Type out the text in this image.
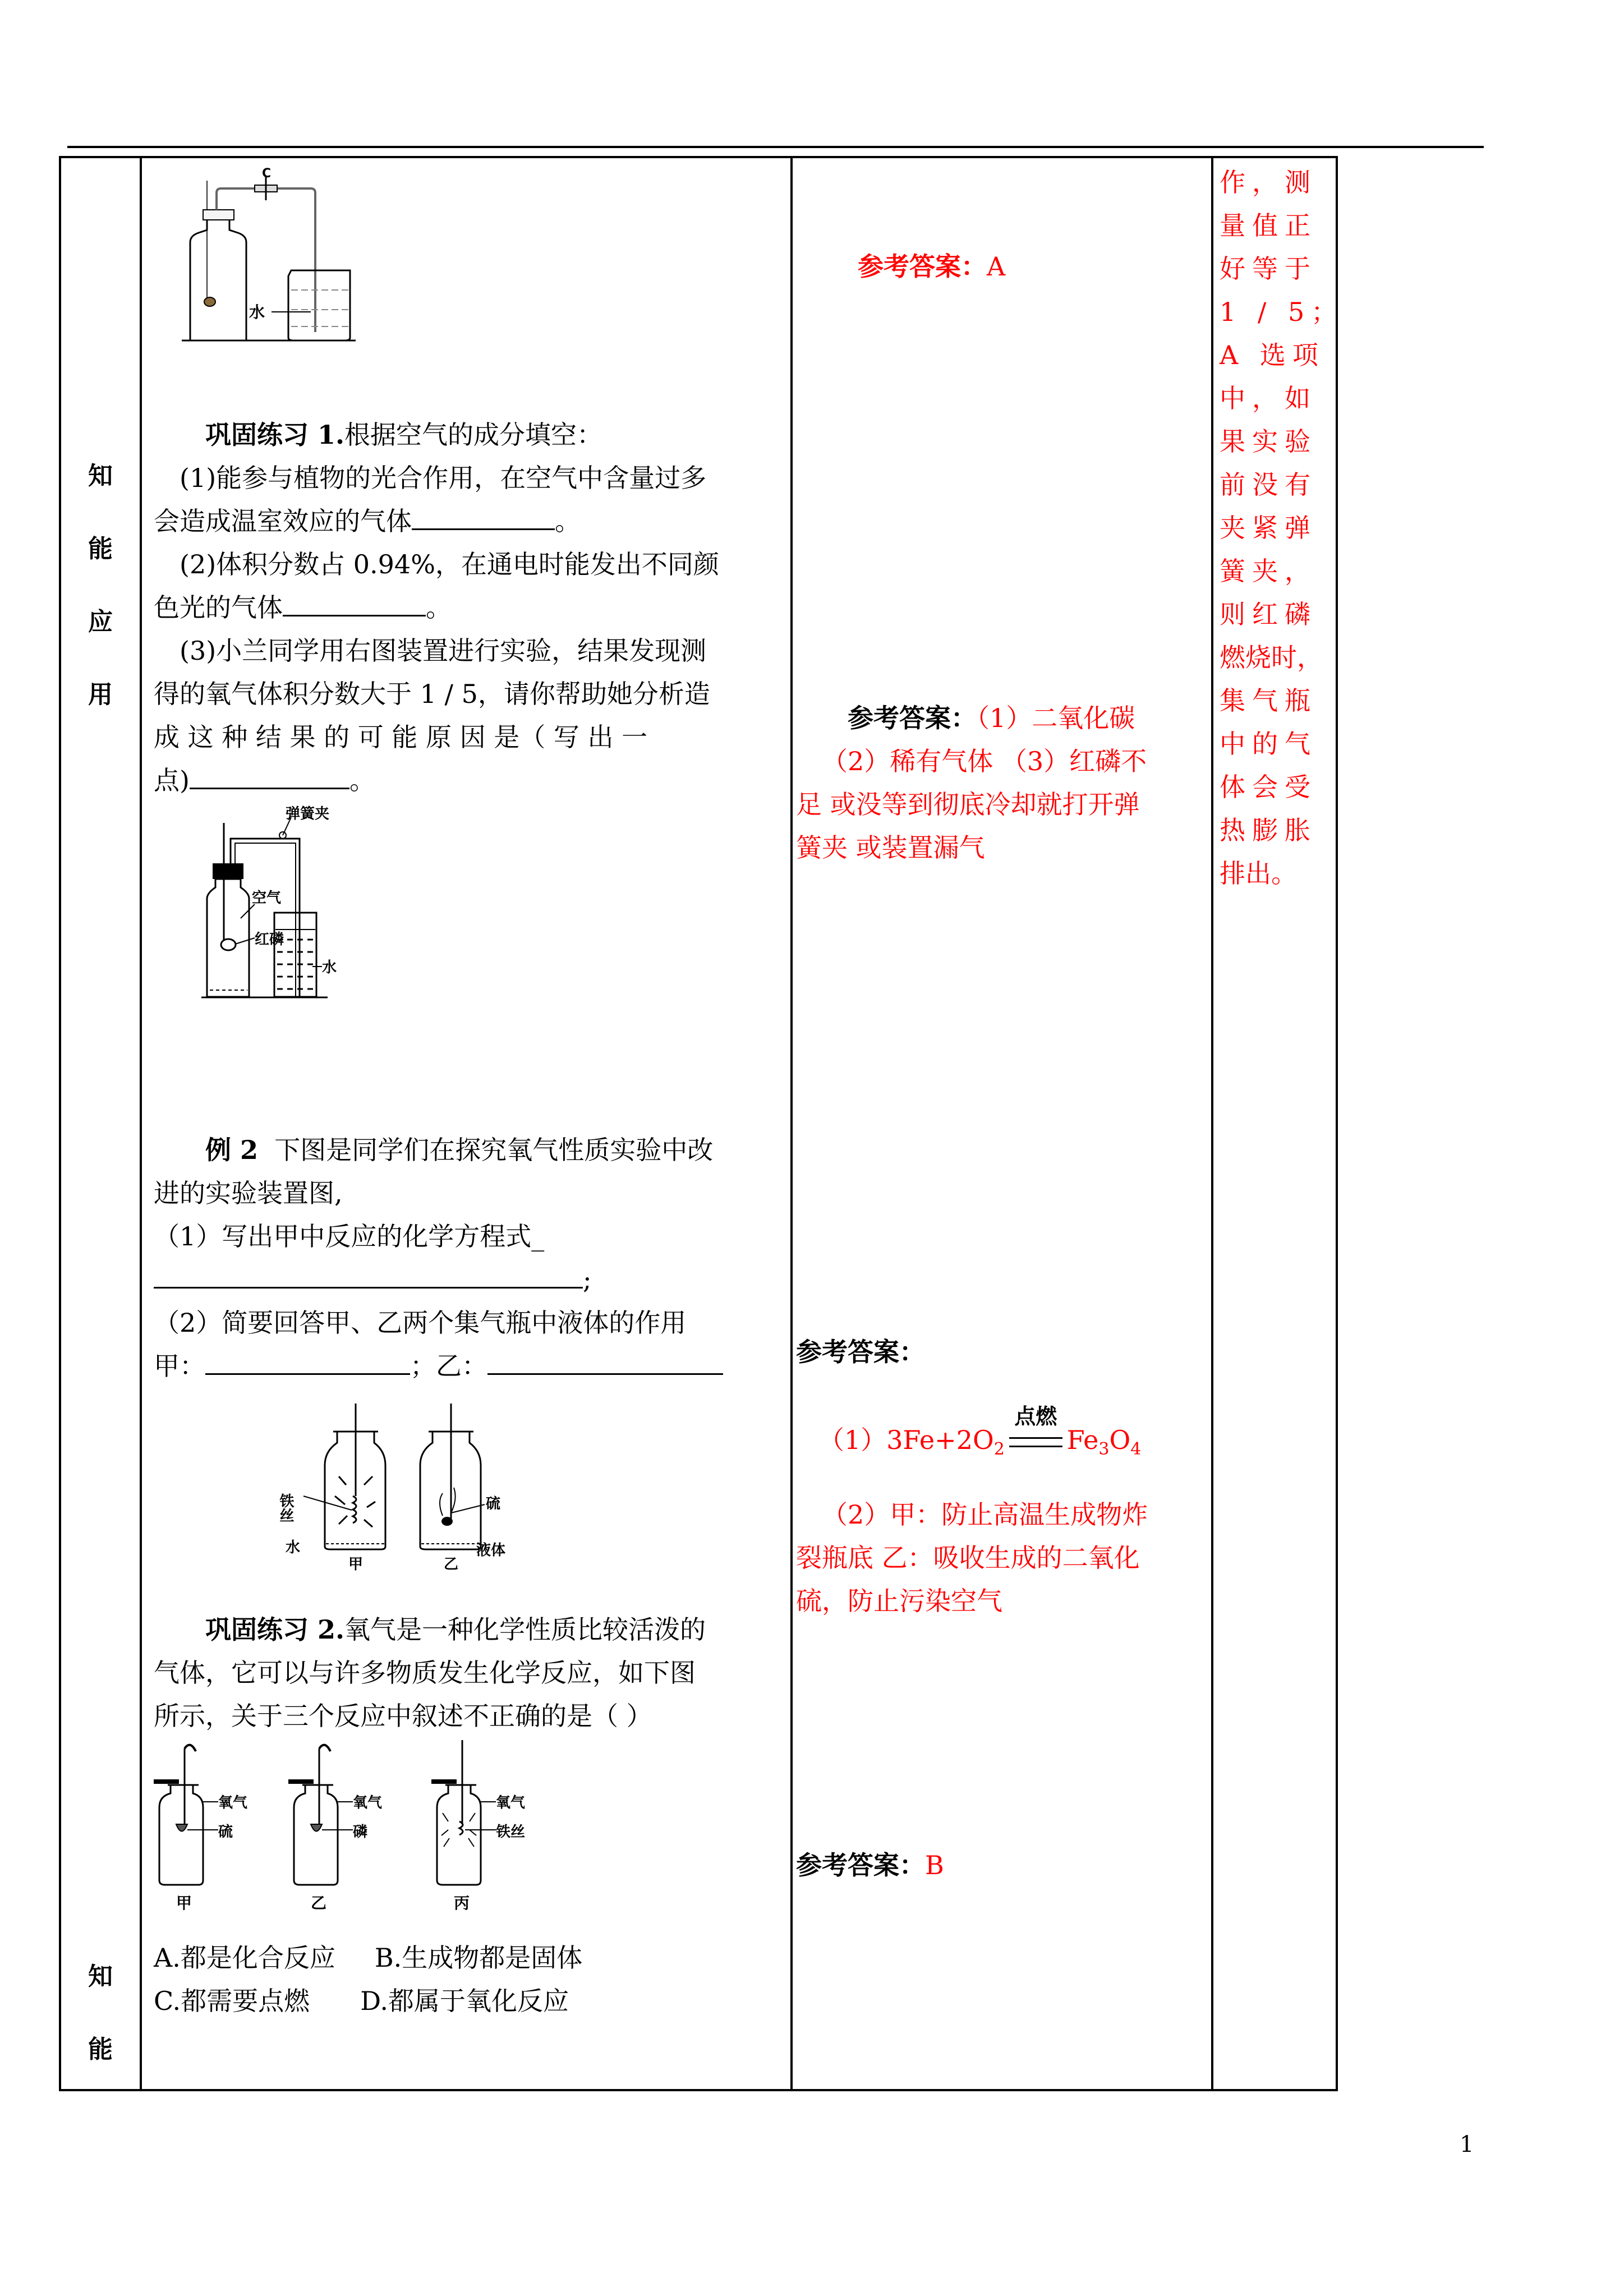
知
能
应
用
知
能
C
水
巩固练习 1.根据空气的成分填空：
(1)能参与植物的光合作用，在空气中含量过多
会造成温室效应的气体	。
(2)体积分数占 0.94%，在通电时能发出不同颜
色光的气体	。
(3)小兰同学用右图装置进行实验，结果发现测
得的氧气体积分数大于 1 / 5，请你帮助她分析造
成 这 种 结 果 的 可 能 原 因 是（ 写 出 一
点)	。
弹簧夹
空气
红磷
水
例 2 下图是同学们在探究氧气性质实验中改
进的实验装置图,
（1）写出甲中反应的化学方程式_
;
（2）简要回答甲、乙两个集气瓶中液体的作用
甲：	；乙：
铁丝
水
甲
硫
液体
乙
巩固练习 2.氧气是一种化学性质比较活泼的
气体，它可以与许多物质发生化学反应，如下图
所示，关于三个反应中叙述不正确的是（ ）
氧气
硫
甲
氧气
磷
乙
氧气
铁丝
丙
A.都是化合反应 B.生成物都是固体
C.都需要点燃 D.都属于氧化反应
参考答案：A
参考答案：（1）二氧化碳
（2）稀有气体 （3）红磷不
足 或没等到彻底冷却就打开弹
簧夹 或装置漏气
参考答案：
$(1)3Fe+2O_2$
点燃
$Fe_3O_4$
（2）甲：防止高温生成物炸
裂瓶底 乙：吸收生成的二氧化
硫，防止污染空气
参考答案：B
作，测
量值正
好等于
1 / 5；
A 选项
中，如
果实验
前没有
夹紧弹
簧夹，
则红磷
燃烧时，
集气瓶
中的气
体会受
热膨胀
排出。
1
